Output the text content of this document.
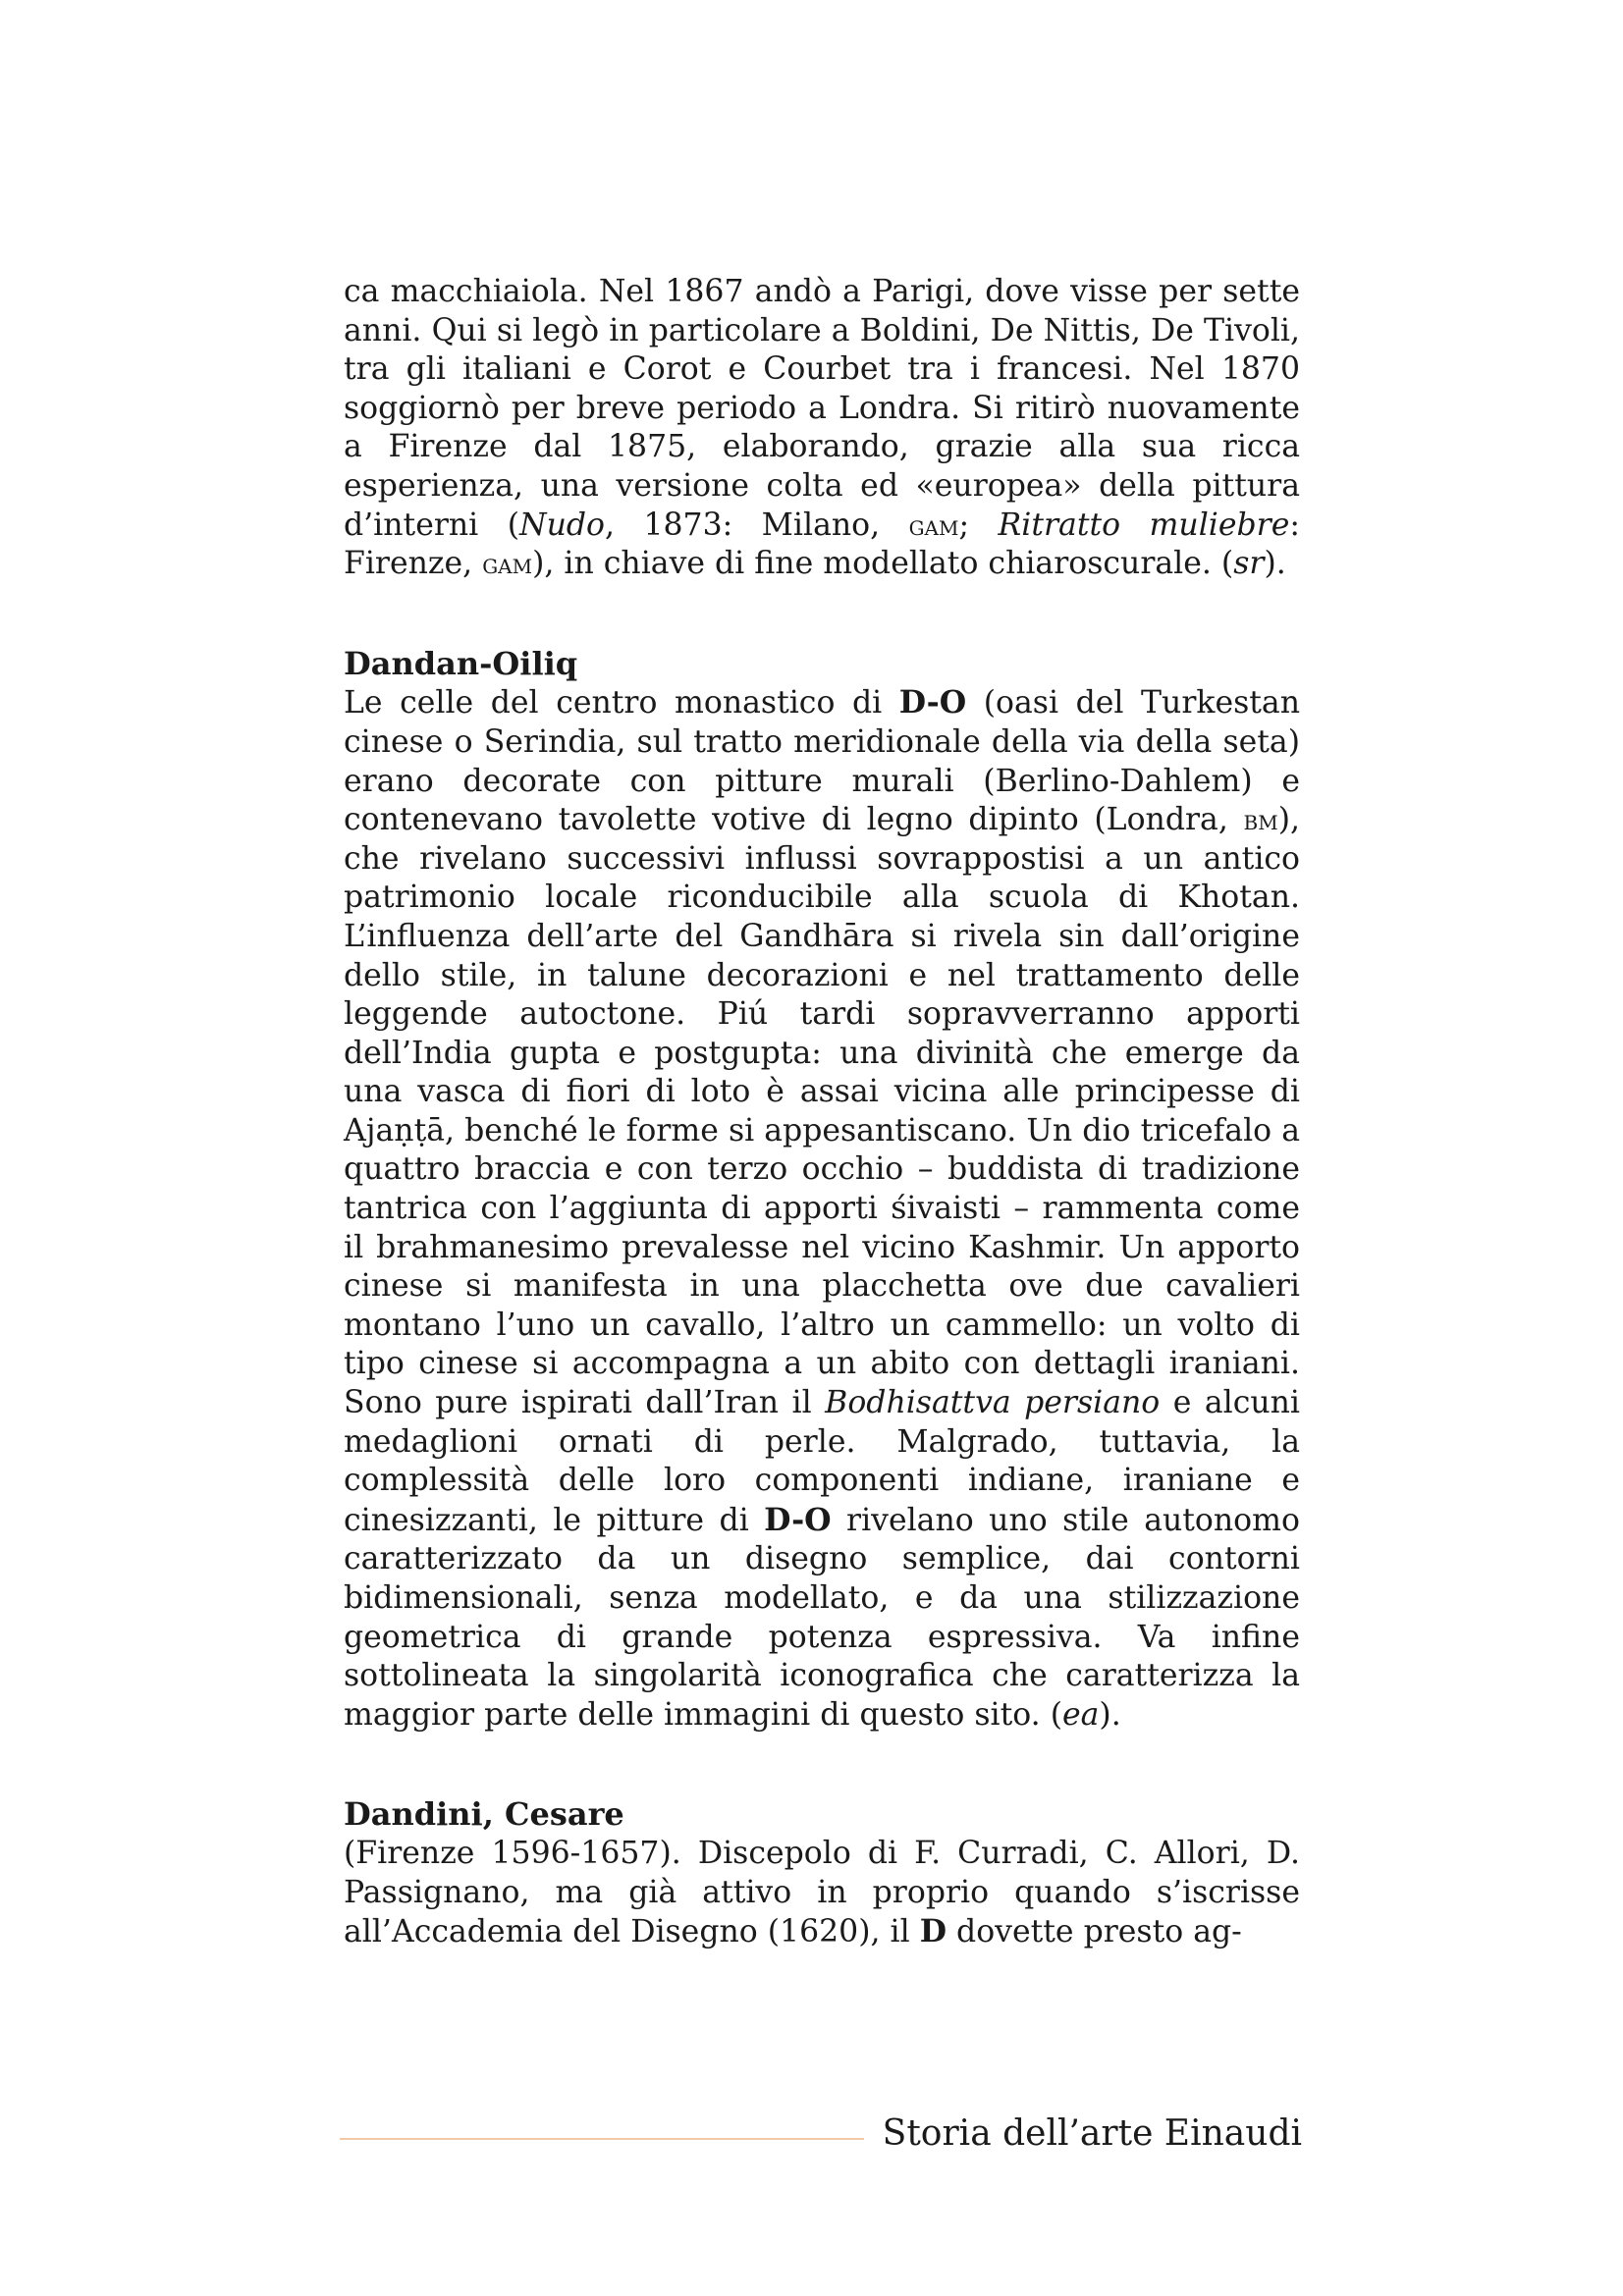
ca macchiaiola. Nel 1867 andò a Parigi, dove visse per sette anni. Qui si legò in particolare a Boldini, De Nittis, De Tivoli, tra gli italiani e Corot e Courbet tra i francesi. Nel 1870 soggiornò per breve periodo a Londra. Si ritirò nuovamente a Firenze dal 1875, elaborando, grazie alla sua ricca esperienza, una versione colta ed «europea» della pittura d’interni (Nudo, 1873: Milano, gam; Ritratto muliebre: Firenze, gam), in chiave di fine modellato chiaroscurale. (sr).

Dandan-Oiliq

Le celle del centro monastico di D-O (oasi del Turkestan cinese o Serindia, sul tratto meridionale della via della seta) erano decorate con pitture murali (Berlino-Dahlem) e contenevano tavolette votive di legno dipinto (Londra, bm), che rivelano successivi influssi sovrappostisi a un antico patrimonio locale riconducibile alla scuola di Khotan. L’influenza dell’arte del Gandhāra si rivela sin dall’origine dello stile, in talune decorazioni e nel trattamento delle leggende autoctone. Piú tardi sopravverranno apporti dell’India gupta e postgupta: una divinità che emerge da una vasca di fiori di loto è assai vicina alle principesse di Ajaṇṭā, benché le forme si appesantiscano. Un dio tricefalo a quattro braccia e con terzo occhio – buddista di tradizione tantrica con l’aggiunta di apporti śivaisti – rammenta come il brahmanesimo prevalesse nel vicino Kashmir. Un apporto cinese si manifesta in una placchetta ove due cavalieri montano l’uno un cavallo, l’altro un cammello: un volto di tipo cinese si accompagna a un abito con dettagli iraniani. Sono pure ispirati dall’Iran il Bodhisattva persiano e alcuni medaglioni ornati di perle. Malgrado, tuttavia, la complessità delle loro componenti indiane, iraniane e cinesizzanti, le pitture di D-O rivelano uno stile autonomo caratterizzato da un disegno semplice, dai contorni bidimensionali, senza modellato, e da una stilizzazione geometrica di grande potenza espressiva. Va infine sottolineata la singolarità iconografica che caratterizza la maggior parte delle immagini di questo sito. (ea).

Dandini, Cesare

(Firenze 1596-1657). Discepolo di F. Curradi, C. Allori, D. Passignano, ma già attivo in proprio quando s’iscrisse all’Accademia del Disegno (1620), il D dovette presto ag-

Storia dell’arte Einaudi
